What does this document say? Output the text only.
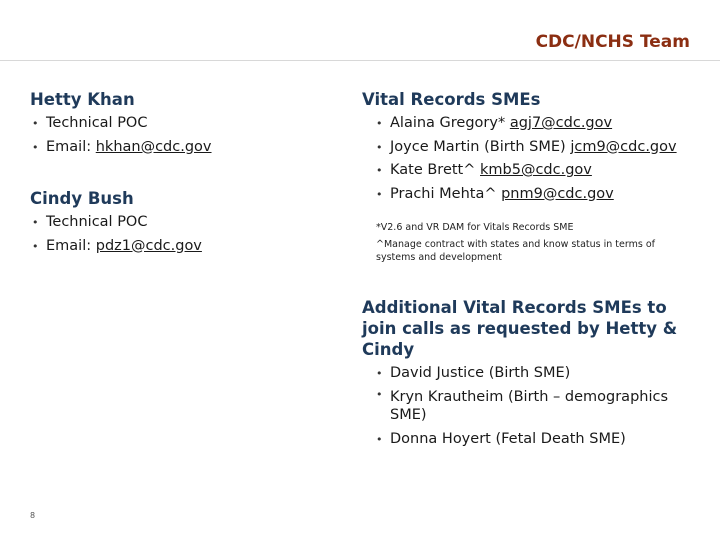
CDC/NCHS Team
Hetty Khan
• Technical POC
• Email: hkhan@cdc.gov
Cindy Bush
• Technical POC
• Email: pdz1@cdc.gov
Vital Records SMEs
• Alaina Gregory* agj7@cdc.gov
• Joyce Martin (Birth SME) jcm9@cdc.gov
• Kate Brett^ kmb5@cdc.gov
• Prachi Mehta^ pnm9@cdc.gov
*V2.6 and VR DAM for Vitals Records SME
^Manage contract with states and know status in terms of systems and development
Additional Vital Records SMEs to join calls as requested by Hetty & Cindy
• David Justice (Birth SME)
• Kryn Krautheim (Birth – demographics SME)
• Donna Hoyert (Fetal Death SME)
8
